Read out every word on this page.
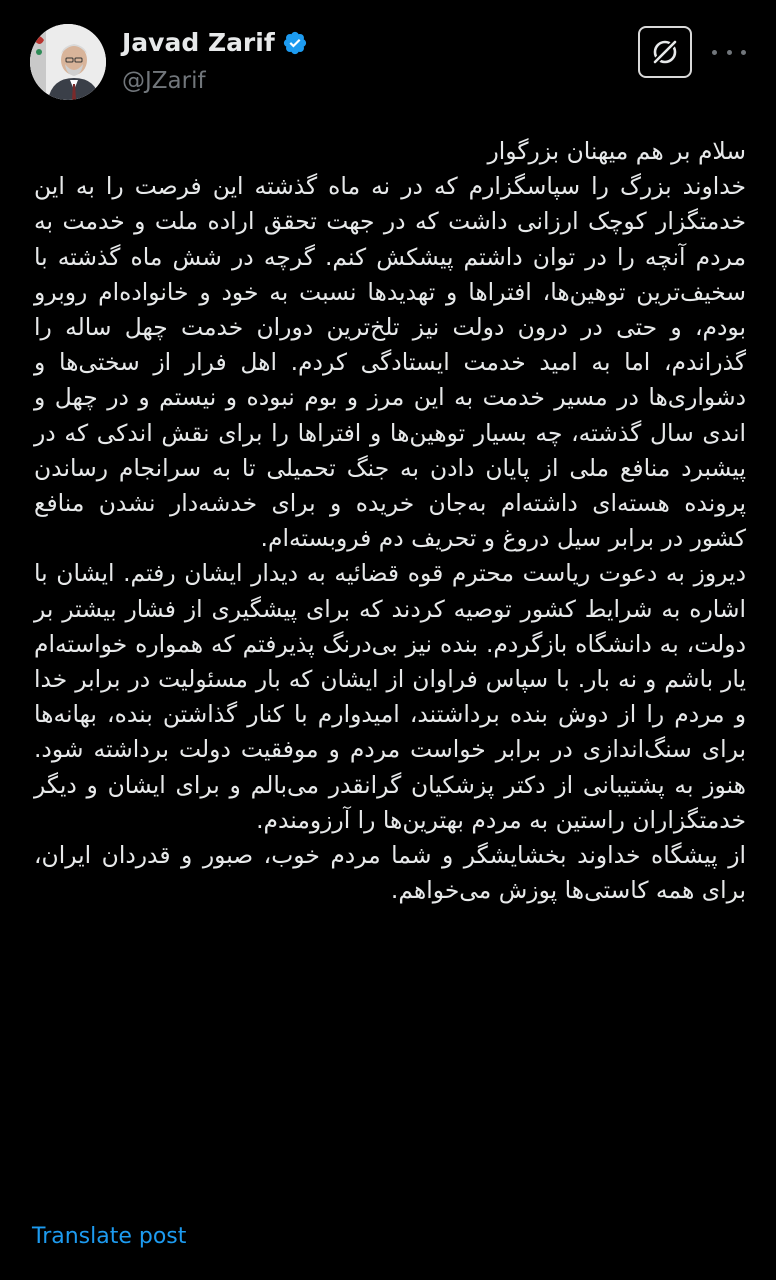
Javad Zarif
@JZarif

سلام بر هم میهنان بزرگوار

خداوند بزرگ را سپاسگزارم که در نه ماه گذشته این فرصت را به این خدمتگزار کوچک ارزانی داشت که در جهت تحقق اراده ملت و خدمت به مردم آنچه را در توان داشتم پیشکش کنم. گرچه در شش ماه گذشته با سخیف‌ترین توهین‌ها، افتراها و تهدیدها نسبت به خود و خانواده‌ام روبرو بودم، و حتی در درون دولت نیز تلخ‌ترین دوران خدمت چهل ساله را گذراندم، اما به امید خدمت ایستادگی کردم. اهل فرار از سختی‌ها و دشواری‌ها در مسیر خدمت به این مرز و بوم نبوده و نیستم و در چهل و اندی سال گذشته، چه بسیار توهین‌ها و افتراها را برای نقش اندکی که در پیشبرد منافع ملی از پایان دادن به جنگ تحمیلی تا به سرانجام رساندن پرونده هسته‌ای داشته‌ام به‌جان خریده و برای خدشه‌دار نشدن منافع کشور در برابر سیل دروغ و تحریف دم فروبسته‌ام.

دیروز به دعوت ریاست محترم قوه قضائیه به دیدار ایشان رفتم. ایشان با اشاره به شرایط کشور توصیه کردند که برای پیشگیری از فشار بیشتر بر دولت، به دانشگاه بازگردم. بنده نیز بی‌درنگ پذیرفتم که همواره خواسته‌ام یار باشم و نه بار. با سپاس فراوان از ایشان که بار مسئولیت در برابر خدا و مردم را از دوش بنده برداشتند، امیدوارم با کنار گذاشتن بنده، بهانه‌ها برای سنگ‌اندازی در برابر خواست مردم و موفقیت دولت برداشته شود. هنوز به پشتیبانی از دکتر پزشکیان گرانقدر می‌بالم و برای ایشان و دیگر خدمتگزاران راستین به مردم بهترین‌ها را آرزومندم.

از پیشگاه خداوند بخشایشگر و شما مردم خوب، صبور و قدردان ایران، برای همه کاستی‌ها پوزش می‌خواهم.

Translate post
